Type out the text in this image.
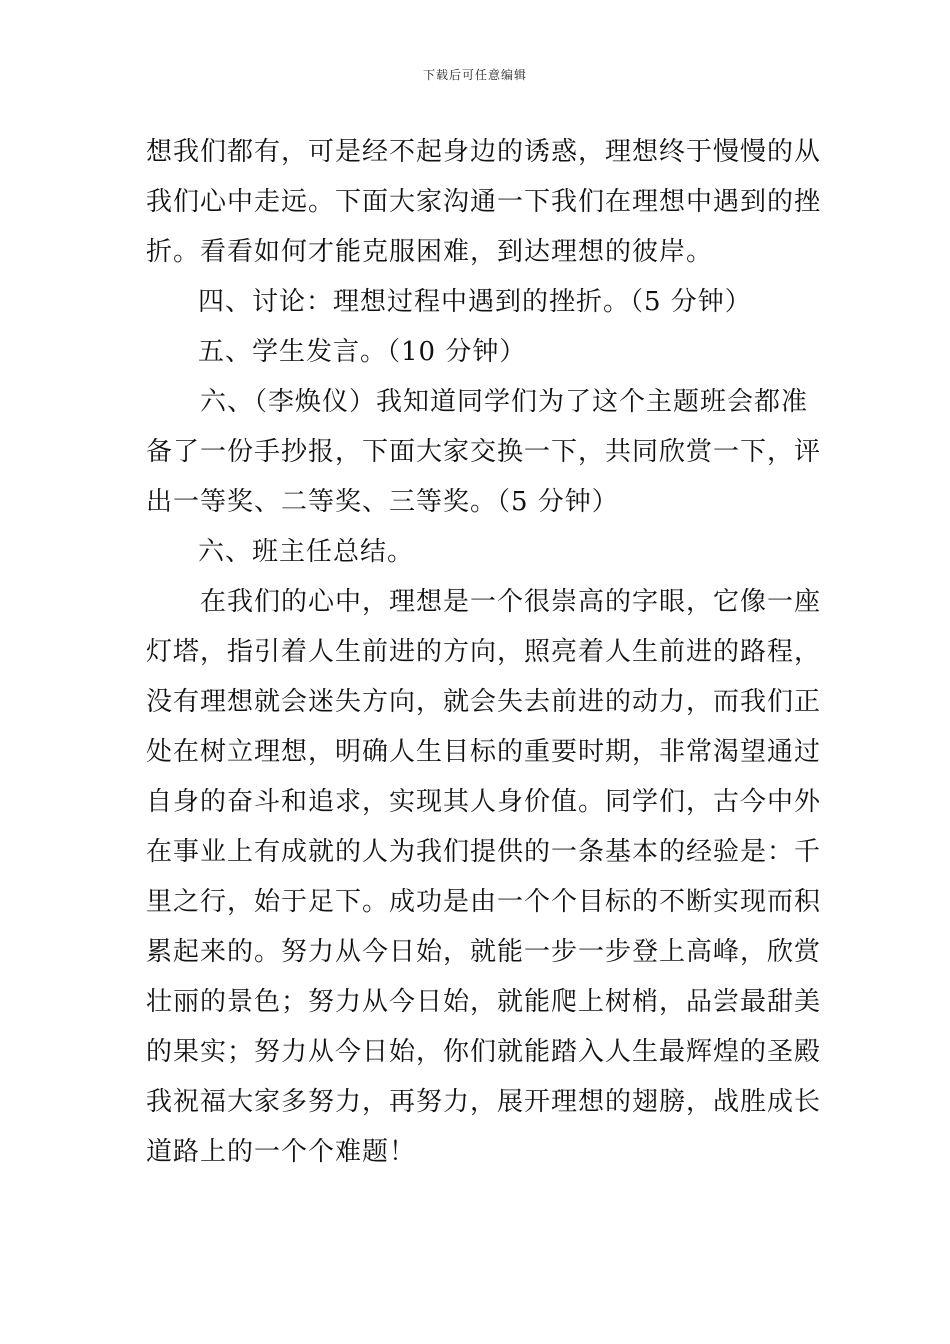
下载后可任意编辑
想我们都有，可是经不起身边的诱惑，理想终于慢慢的从
我们心中走远。下面大家沟通一下我们在理想中遇到的挫
折。看看如何才能克服困难，到达理想的彼岸。
四、讨论：理想过程中遇到的挫折。（5 分钟）
五、学生发言。（10 分钟）
六、（李焕仪）我知道同学们为了这个主题班会都准
备了一份手抄报，下面大家交换一下，共同欣赏一下，评
出一等奖、二等奖、三等奖。（5 分钟）
六、班主任总结。
在我们的心中，理想是一个很崇高的字眼，它像一座
灯塔，指引着人生前进的方向，照亮着人生前进的路程，
没有理想就会迷失方向，就会失去前进的动力，而我们正
处在树立理想，明确人生目标的重要时期，非常渴望通过
自身的奋斗和追求，实现其人身价值。同学们，古今中外
在事业上有成就的人为我们提供的一条基本的经验是：千
里之行，始于足下。成功是由一个个目标的不断实现而积
累起来的。努力从今日始，就能一步一步登上高峰，欣赏
壮丽的景色；努力从今日始，就能爬上树梢，品尝最甜美
的果实；努力从今日始，你们就能踏入人生最辉煌的圣殿
我祝福大家多努力，再努力，展开理想的翅膀，战胜成长
道路上的一个个难题！
